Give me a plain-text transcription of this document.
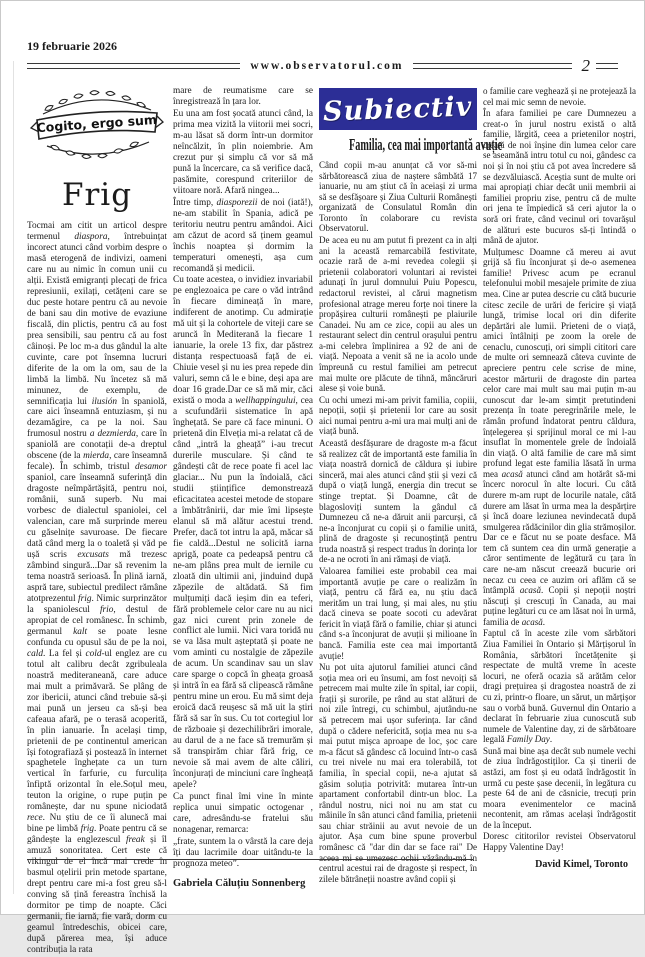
19 februarie 2026
www.observatorul.com	2
Cogito, ergo sum
Frig

Tocmai am citit un articol despre termenul diaspora, întrebuințat incorect atunci când vorbim despre o masă eterogenă de indivizi, oameni care nu au nimic în comun unii cu alții. Există emigranți plecați de frica represiunii, exilați, cetățeni care se duc peste hotare pentru că au nevoie de bani sau din motive de evaziune fiscală, din plictis, pentru că au fost prea sensibili, sau pentru că au fost câinoși. Pe loc m-a dus gândul la alte cuvinte, care pot însemna lucruri diferite de la om la om, sau de la limbă la limbă. Nu încetez să mă minunez, de exemplu, de semnificația lui ilusión în spaniolă, care aici înseamnă entuziasm, și nu dezamăgire, ca pe la noi. Sau frumosul nostru a dezmierda, care în spaniolă are conotații de-a dreptul obscene (de la mierda, care înseamnă fecale). În schimb, tristul desamor spaniol, care înseamnă suferință din dragoste neîmpărtășită, pentru noi, românii, sună superb. Nu mai vorbesc de dialectul spaniolei, cel valencian, care mă surprinde mereu cu găselnițe savuroase. De fiecare dată când merg la o toaletă și văd pe ușă scris excusats mă trezesc zâmbind singură...Dar să revenim la tema noastră serioasă. În plină iarnă, aspră tare, subiectul predilect rămâne atotprezentul frig. Nimic surprinzător la spaniolescul frio, destul de apropiat de cel românesc. În schimb, germanul kalt se poate lesne confunda cu opusul său de pe la noi, cald. La fel și cold-ul englez are cu totul alt calibru decât zgribuleala noastră mediteraneană, care aduce mai mult a primăvară. Se plâng de zor ibericii, atunci când trebuie să-și mai pună un jerseu ca să-și bea cafeaua afară, pe o terasă acoperită, în plin ianuarie. În același timp, prietenii de pe continentul american își fotografiază și postează în internet spaghetele înghețate ca un turn vertical în farfurie, cu furculița înfiptă orizontal în ele.Soțul meu, teuton la origine, o rupe puțin pe românește, dar nu spune niciodată rece. Nu știu de ce îi alunecă mai bine pe limbă frig. Poate pentru că se gândește la englezescul freak și îl amuză sonoritatea. Cert este că vikingul de el încă mai crede în basmul oțelirii prin metode spartane, drept pentru care mi-a fost greu să-l conving să țină fereastra închisă la dormitor pe timp de noapte. Căci germanii, fie iarnă, fie vară, dorm cu geamul întredeschis, obicei care, după părerea mea, își aduce contribuția la rata

mare de reumatisme care se înregistrează în țara lor.

Eu una am fost șocată atunci când, la prima mea vizită la viitorii mei socri, m-au lăsat să dorm într-un dormitor neîncălzit, în plin noiembrie. Am crezut pur și simplu că vor să mă pună la încercare, ca să verifice dacă, pasămite, corespund criteriilor de viitoare noră. Afară ningea...

Între timp, diasporezii de noi (iată!), ne-am stabilit în Spania, adică pe teritoriu neutru pentru amândoi. Aici am căzut de acord să ținem geamul închis noaptea și dormim la temperaturi omenești, așa cum recomandă și medicii.

Cu toate acestea, o invidiez invariabil pe englezoaica pe care o văd intrând în fiecare dimineață în mare, indiferent de anotimp. Cu admirație mă uit și la cohortele de viteji care se aruncă în Mediterană la fiecare 1 ianuarie, la orele 13 fix, dar păstrez distanța respectuoasă față de ei. Chiuie vesel și nu ies prea repede din valuri, semn că le e bine, deși apa are doar 16 grade.Dar ce să mă mir, căci există o moda a wellhappingului, cea a scufundării sistematice în apă înghețată. Se pare că face minuni. O prietenă din Elveția mi-a relatat că de când „intră la gheață” i-au trecut durerile musculare. Și când te gândești cât de rece poate fi acel lac glaciar... Nu pun la îndoială, căci studii științifice demonstrează eficacitatea acestei metode de stopare a îmbătrânirii, dar mie îmi lipsește elanul să mă alătur acestui trend. Prefer, dacă tot intru la apă, măcar să fie caldă...Destul ne solicită iarna aprigă, poate ca pedeapsă pentru că ne-am plâns prea mult de iernile cu zloată din ultimii ani, jinduind după zăpezile de altădată. Să fim mulțumiți dacă ieșim din ea teferi, fără problemele celor care nu au nici gaz nici curent prin zonele de conflict ale lumii. Nici vara toridă nu se va lăsa mult așteptată și poate ne vom aminti cu nostalgie de zăpezile de acum. Un scandinav sau un slav care sparge o copcă în gheața groasă și intră în ea fără să clipească rămâne pentru mine un erou. Eu mă simt deja eroică dacă reușesc să mă uit la știri fără să sar în sus. Cu tot cortegiul lor de războaie și dezechilibrări imorale, au darul de a ne face să tremurăm și să transpirăm chiar fără frig, ce nevoie să mai avem de alte căliri, înconjurați de minciuni care îngheață apele?

Ca punct final îmi vine în minte replica unui simpatic octogenar , care, adresându-se fratelui său nonagenar, remarca:

„frate, suntem la o vârstă la care deja îți dau lacrimile doar uitându-te la prognoza meteo”.

Gabriela Căluțiu Sonnenberg
Subiectiv
Familia, cea mai importantă avuție

Când copii m-au anunțat că vor să-mi sărbătorească ziua de naștere sâmbătă 17 ianuarie, nu am știut că în aceiași zi urma să se desfășoare și Ziua Culturii Românești organizată de Consulatul Român din Toronto în colaborare cu revista Observatorul.

De acea eu nu am putut fi prezent ca in alți ani la această remarcabilă festivitate, ocazie rară de a-mi revedea colegii și prietenii colaboratori voluntari ai revistei adunați în jurul domnului Puiu Popescu, redactorul revistei, al cărui magnetism profesional atrage mereu forțe noi tinere la propășirea culturii românești pe plaiurile Canadei. Nu am ce zice, copii au ales un restaurant select din centrul orașului pentru a-mi celebra împlinirea a 92 de ani de viață. Nepoata a venit să ne ia acolo unde împreună cu restul familiei am petrecut mai multe ore plăcute de tihnă, mâncăruri alese și voie bună.

Cu ochi umezi mi-am privit familia, copiii, nepoții, soții și prietenii lor care au sosit aici numai pentru a-mi ura mai mulți ani de viață bună.

Această desfășurare de dragoste m-a făcut să realizez cât de importantă este familia în viața noastră dornică de căldura și iubire sinceră, mai ales atunci când știi și vezi că după o viață lungă, energia din trecut se stinge treptat. Și Doamne, cât de blagosloviți suntem la gândul că Dumnezeu că ne-a dăruit anii parcurși, că ne-a înconjurat cu copii și o familie unită, plină de dragoste și recunoștință pentru truda noastră și respect tradus în dorința lor de-a ne ocroti în ani rămași de viață.

Valoarea familiei este probabil cea mai importantă avuție pe care o realizăm în viață, pentru că fără ea, nu știu dacă merităm un trai lung, și mai ales, nu știu dacă cineva se poate socoti cu adevărat fericit în viață fără o familie, chiar și atunci când s-a înconjurat de avuții și milioane în bancă. Familia este cea mai importantă avuție!

Nu pot uita ajutorul familiei atunci când soția mea ori eu însumi, am fost nevoiți să petrecem mai multe zile în spital, iar copii, frații și surorile, pe rând au stat alături de noi zile întregi, cu schimbul, ajutându-ne să petrecem mai ușor suferința. Iar când după o cădere nefericită, soția mea nu s-a mai putut mișca aproape de loc, șoc care m-a făcut să gândesc că locuind într-o casă cu trei nivele nu mai era tolerabilă, tot familia, în special copii, ne-a ajutat să găsim soluția potrivită: mutarea într-un apartament confortabil dintr-un bloc. La rândul nostru, nici noi nu am stat cu mâinile în sân atunci când familia, prietenii sau chiar străinii au avut nevoie de un ajutor. Așa cum bine spune proverbul românesc că "dar din dar se face rai" De aceea mi se umezesc ochii văzându-mă în centrul acestui rai de dragoste și respect, în zilele bătrâneții noastre având copii și

o familie care veghează și ne protejează la cel mai mic semn de nevoie.

În afara familiei pe care Dumnezeu a creat-o în jurul nostru există o altă familie, lărgită, ceea a prietenilor noștri, creată de noi înșine din lumea celor care se aseamănă intru totul cu noi, gândesc ca noi și în noi știu că pot avea încredere să se dezvăluiască. Aceștia sunt de multe ori mai apropiați chiar decât unii membrii ai familiei propriu zise, pentru că de multe ori jena te împiedică să ceri ajutor la o soră ori frate, când vecinul ori tovarășul de alături este bucuros să-ți întindă o mână de ajutor.

Mulțumesc Doamne că mereu ai avut grijă să fiu înconjurat și de-o asemenea familie! Privesc acum pe ecranul telefonului mobil mesajele primite de ziua mea. Cine ar putea descrie cu câtă bucurie citesc zecile de urări de fericire și viață lungă, trimise local ori din diferite depărtări ale lumii. Prieteni de o viață, amici întâlniți pe zoom la orele de cenaclu, cunoscuți, ori simpli cititori care de multe ori semnează câteva cuvinte de apreciere pentru cele scrise de mine, acestor mărturii de dragoste din partea celor care mai mult sau mai puțin m-au cunoscut dar le-am simțit pretutindeni prezența în toate peregrinările mele, le rămân profund îndatorat pentru căldura, înțelegerea și sprijinul moral ce mi l-au insuflat în momentele grele de îndoială din viață. O altă familie de care mă simt profund legat este familia lăsată în urma mea acasă atunci când am hotărât să-mi încerc norocul în alte locuri. Cu câtă durere m-am rupt de locurile natale, câtă durere am lăsat în urma mea la despărțire și încă doare leziunea nevindecată după smulgerea rădăcinilor din glia strămoșilor. Dar ce e făcut nu se poate desface. Mă tem că suntem cea din urmă generație a căror sentimente de legătură cu țara în care ne-am născut creează bucurie ori necaz cu ceea ce auzim ori aflăm că se întâmplă acasă. Copii și nepoții noștri născuți și crescuți în Canada, au mai puține legături cu ce am lăsat noi în urmă, familia de acasă.

Faptul că în aceste zile vom sărbători Ziua Familiei în Ontario și Mărțișorul în România, sărbători încetățenite și respectate de multă vreme în aceste locuri, ne oferă ocazia să arătăm celor dragi prețuirea și dragostea noastră de zi cu zi, printr-o floare, un sărut, un mărțișor sau o vorbă bună. Guvernul din Ontario a declarat în februarie ziua cunoscută sub numele de Valentine day, zi de sărbătoare legală Family Day.

Sună mai bine așa decât sub numele vechi de ziua îndrăgostiților. Ca și tinerii de astăzi, am fost și eu odată îndrăgostit în urmă cu peste șase decenii, în legătura cu peste 64 de ani de căsnicie, trecuți prin moara evenimentelor ce macină necontenit, am rămas același îndrăgostit de la început.

Doresc cititorilor revistei Observatorul Happy Valentine Day!

David Kimel, Toronto
